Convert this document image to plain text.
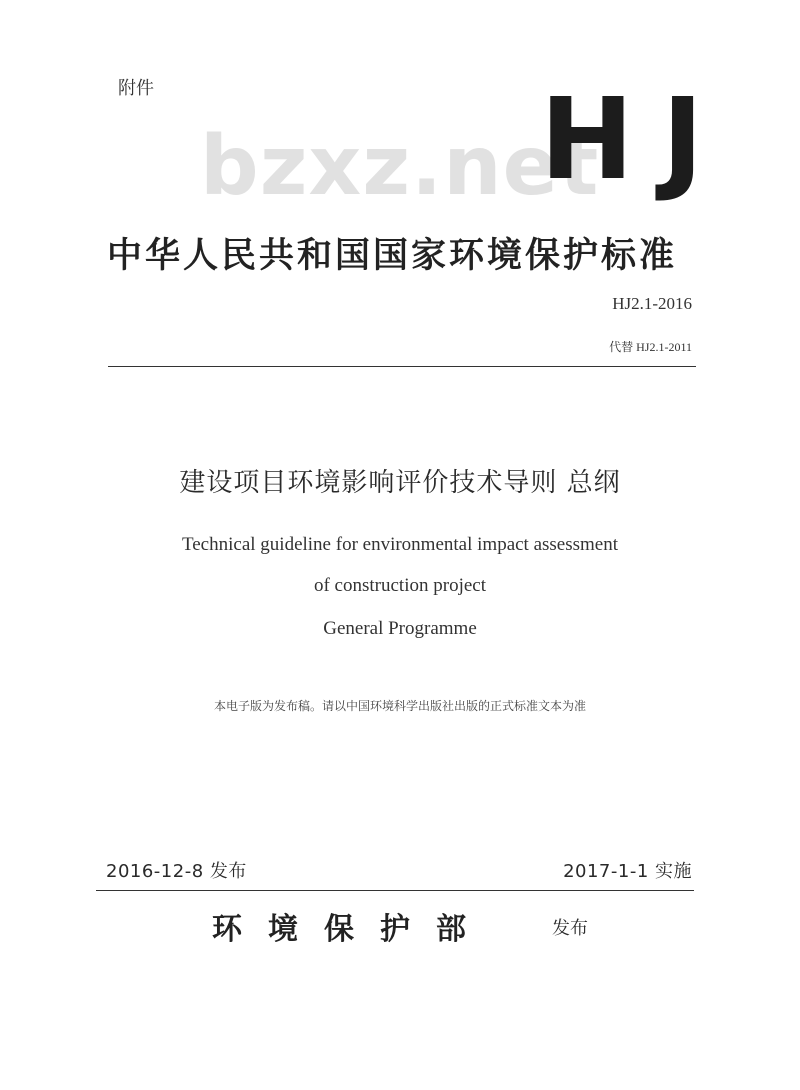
附件
bzxz.net
HJ
中华人民共和国国家环境保护标准
HJ2.1-2016
代替 HJ2.1-2011
建设项目环境影响评价技术导则 总纲
Technical guideline for environmental impact assessment
of construction project
General Programme
本电子版为发布稿。请以中国环境科学出版社出版的正式标准文本为准
2016-12-8 发布	2017-1-1 实施
环境保护部	发布
